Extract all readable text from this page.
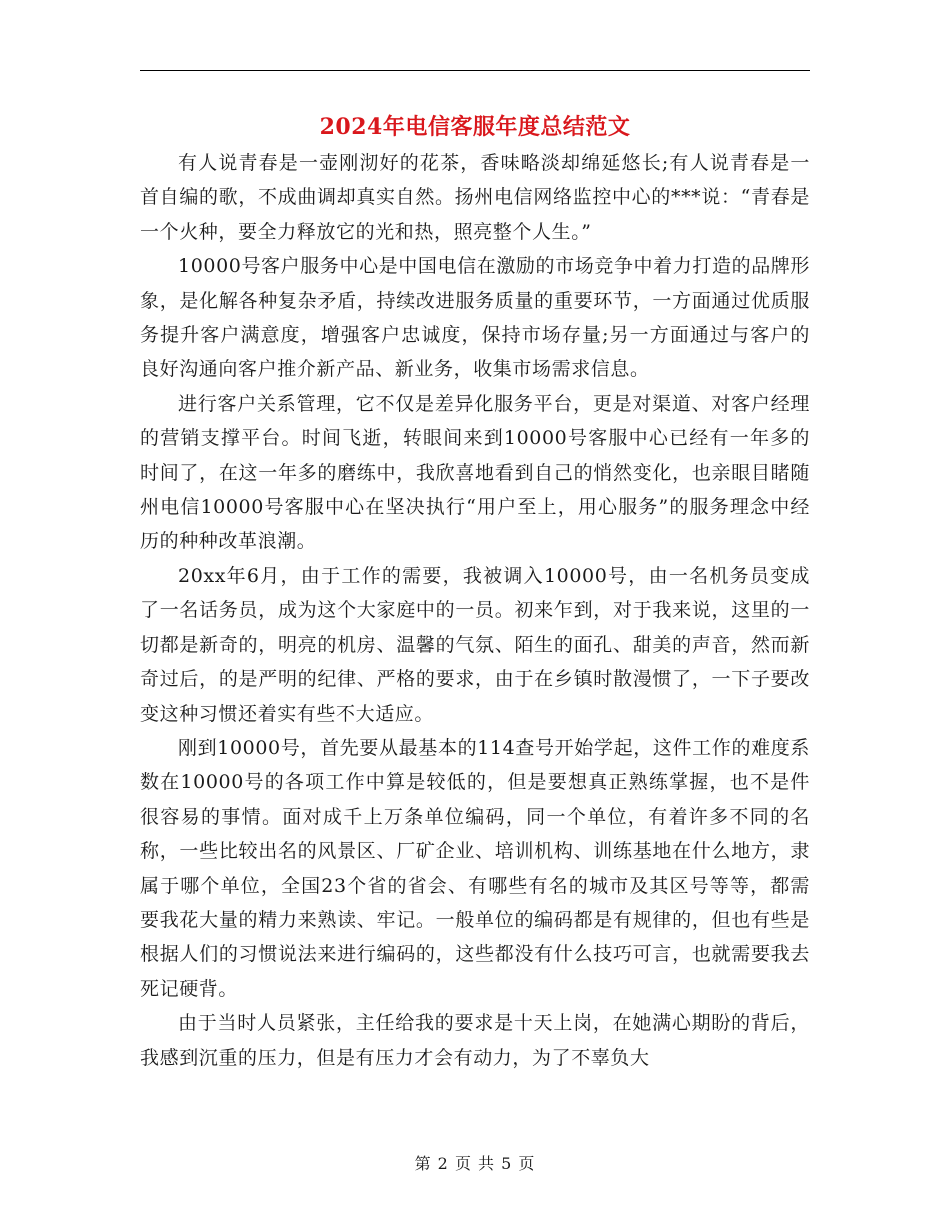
2024年电信客服年度总结范文

有人说青春是一壶刚沏好的花茶，香味略淡却绵延悠长;有人说青春是一首自编的歌，不成曲调却真实自然。扬州电信网络监控中心的***说：“青春是一个火种，要全力释放它的光和热，照亮整个人生。”

10000号客户服务中心是中国电信在激励的市场竞争中着力打造的品牌形象，是化解各种复杂矛盾，持续改进服务质量的重要环节，一方面通过优质服务提升客户满意度，增强客户忠诚度，保持市场存量;另一方面通过与客户的良好沟通向客户推介新产品、新业务，收集市场需求信息。

进行客户关系管理，它不仅是差异化服务平台，更是对渠道、对客户经理的营销支撑平台。时间飞逝，转眼间来到10000号客服中心已经有一年多的时间了，在这一年多的磨练中，我欣喜地看到自己的悄然变化，也亲眼目睹随州电信10000号客服中心在坚决执行“用户至上，用心服务”的服务理念中经历的种种改革浪潮。

20xx年6月，由于工作的需要，我被调入10000号，由一名机务员变成了一名话务员，成为这个大家庭中的一员。初来乍到，对于我来说，这里的一切都是新奇的，明亮的机房、温馨的气氛、陌生的面孔、甜美的声音，然而新奇过后，的是严明的纪律、严格的要求，由于在乡镇时散漫惯了，一下子要改变这种习惯还着实有些不大适应。

刚到10000号，首先要从最基本的114查号开始学起，这件工作的难度系数在10000号的各项工作中算是较低的，但是要想真正熟练掌握，也不是件很容易的事情。面对成千上万条单位编码，同一个单位，有着许多不同的名称，一些比较出名的风景区、厂矿企业、培训机构、训练基地在什么地方，隶属于哪个单位，全国23个省的省会、有哪些有名的城市及其区号等等，都需要我花大量的精力来熟读、牢记。一般单位的编码都是有规律的，但也有些是根据人们的习惯说法来进行编码的，这些都没有什么技巧可言，也就需要我去死记硬背。

由于当时人员紧张，主任给我的要求是十天上岗，在她满心期盼的背后，我感到沉重的压力，但是有压力才会有动力，为了不辜负大

第 2 页 共 5 页
